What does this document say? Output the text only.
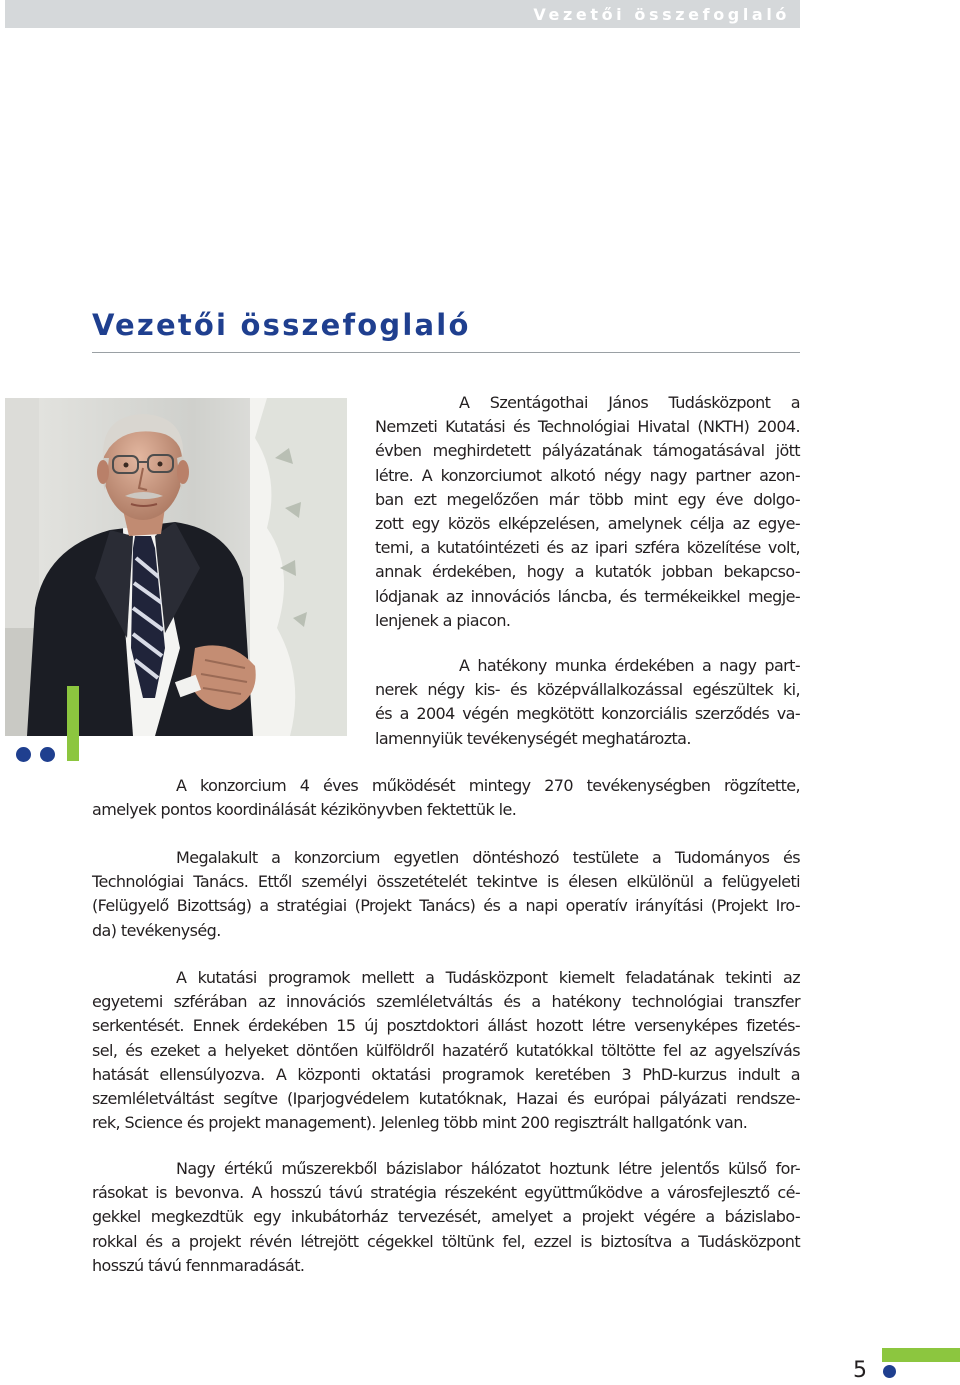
Vezetői összefoglaló
Vezetői összefoglaló
A Szentágothai János Tudásközpont a
Nemzeti Kutatási és Technológiai Hivatal (NKTH) 2004.
évben meghirdetett pályázatának támogatásával jött
létre. A konzorciumot alkotó négy nagy partner azon-
ban ezt megelőzően már több mint egy éve dolgo-
zott egy közös elképzelésen, amelynek célja az egye-
temi, a kutatóintézeti és az ipari szféra közelítése volt,
annak érdekében, hogy a kutatók jobban bekapcso-
lódjanak az innovációs láncba, és termékeikkel megje-
lenjenek a piacon.
A hatékony munka érdekében a nagy part-
nerek négy kis- és középvállalkozással egészültek ki,
és a 2004 végén megkötött konzorciális szerződés va-
lamennyiük tevékenységét meghatározta.
A konzorcium 4 éves működését mintegy 270 tevékenységben rögzítette,
amelyek pontos koordinálását kézikönyvben fektettük le.
Megalakult a konzorcium egyetlen döntéshozó testülete a Tudományos és
Technológiai Tanács. Ettől személyi összetételét tekintve is élesen elkülönül a felügyeleti
(Felügyelő Bizottság) a stratégiai (Projekt Tanács) és a napi operatív irányítási (Projekt Iro-
da) tevékenység.
A kutatási programok mellett a Tudásközpont kiemelt feladatának tekinti az
egyetemi szférában az innovációs szemléletváltás és a hatékony technológiai transzfer
serkentését. Ennek érdekében 15 új posztdoktori állást hozott létre versenyképes fizetés-
sel, és ezeket a helyeket döntően külföldről hazatérő kutatókkal töltötte fel az agyelszívás
hatását ellensúlyozva. A központi oktatási programok keretében 3 PhD-kurzus indult a
szemléletváltást segítve (Iparjogvédelem kutatóknak, Hazai és európai pályázati rendsze-
rek, Science és projekt management). Jelenleg több mint 200 regisztrált hallgatónk van.
Nagy értékű műszerekből bázislabor hálózatot hoztunk létre jelentős külső for-
rásokat is bevonva. A hosszú távú stratégia részeként együttműködve a városfejlesztő cé-
gekkel megkezdtük egy inkubátorház tervezését, amelyet a projekt végére a bázislabo-
rokkal és a projekt révén létrejött cégekkel töltünk fel, ezzel is biztosítva a Tudásközpont
hosszú távú fennmaradását.

5
